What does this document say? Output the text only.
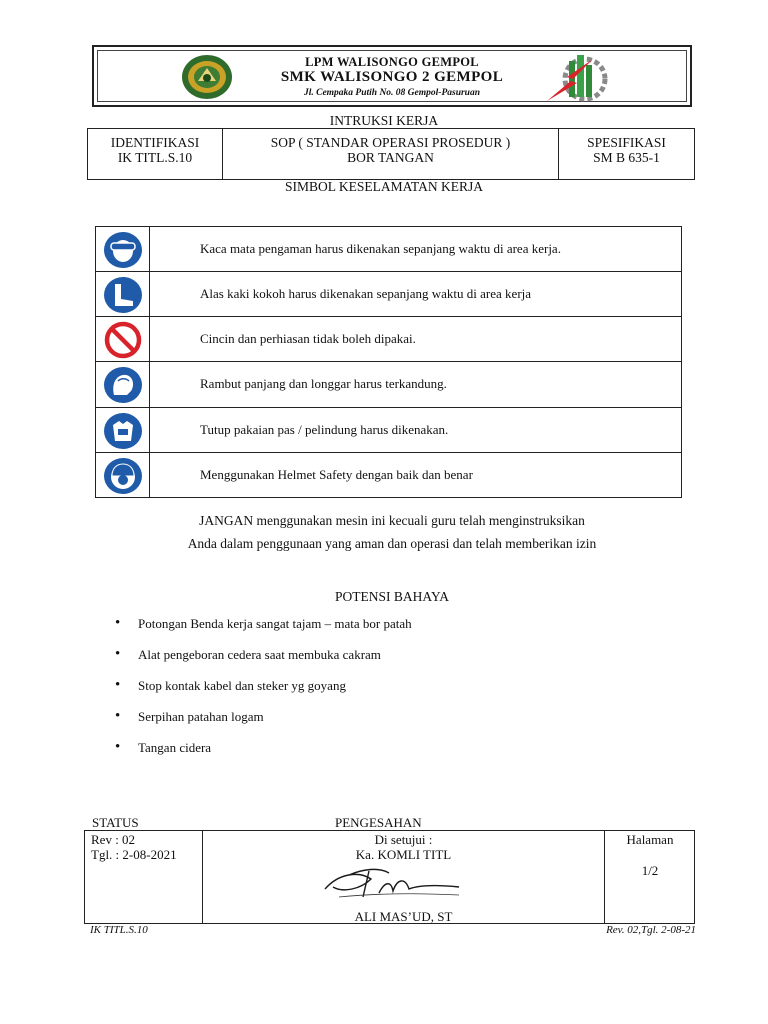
LPM WALISONGO GEMPOL
SMK WALISONGO 2 GEMPOL
Jl. Cempaka Putih No. 08 Gempol-Pasuruan
INTRUKSI KERJA
IDENTIFIKASI
IK TITL.S.10
SOP ( STANDAR OPERASI PROSEDUR )
BOR TANGAN
SPESIFIKASI
SM B 635-1
SIMBOL KESELAMATAN KERJA
Kaca mata pengaman harus dikenakan sepanjang waktu di area kerja.
Alas kaki kokoh harus dikenakan sepanjang waktu di area kerja
Cincin dan perhiasan tidak boleh dipakai.
Rambut panjang dan longgar harus terkandung.
Tutup pakaian pas / pelindung harus dikenakan.
Menggunakan Helmet Safety dengan baik dan benar
JANGAN menggunakan mesin ini kecuali guru telah menginstruksikan
Anda dalam penggunaan yang aman dan operasi dan telah memberikan izin
POTENSI BAHAYA
• Potongan Benda kerja sangat tajam – mata bor patah
• Alat pengeboran cedera saat membuka cakram
• Stop kontak kabel dan steker yg goyang
• Serpihan patahan logam
• Tangan cidera
STATUS	PENGESAHAN
Rev : 02
Tgl. : 2-08-2021
Di setujui :
Ka. KOMLI TITL
ALI MAS’UD, ST
Halaman
1/2
IK TITL.S.10	Rev. 02,Tgl. 2-08-21
